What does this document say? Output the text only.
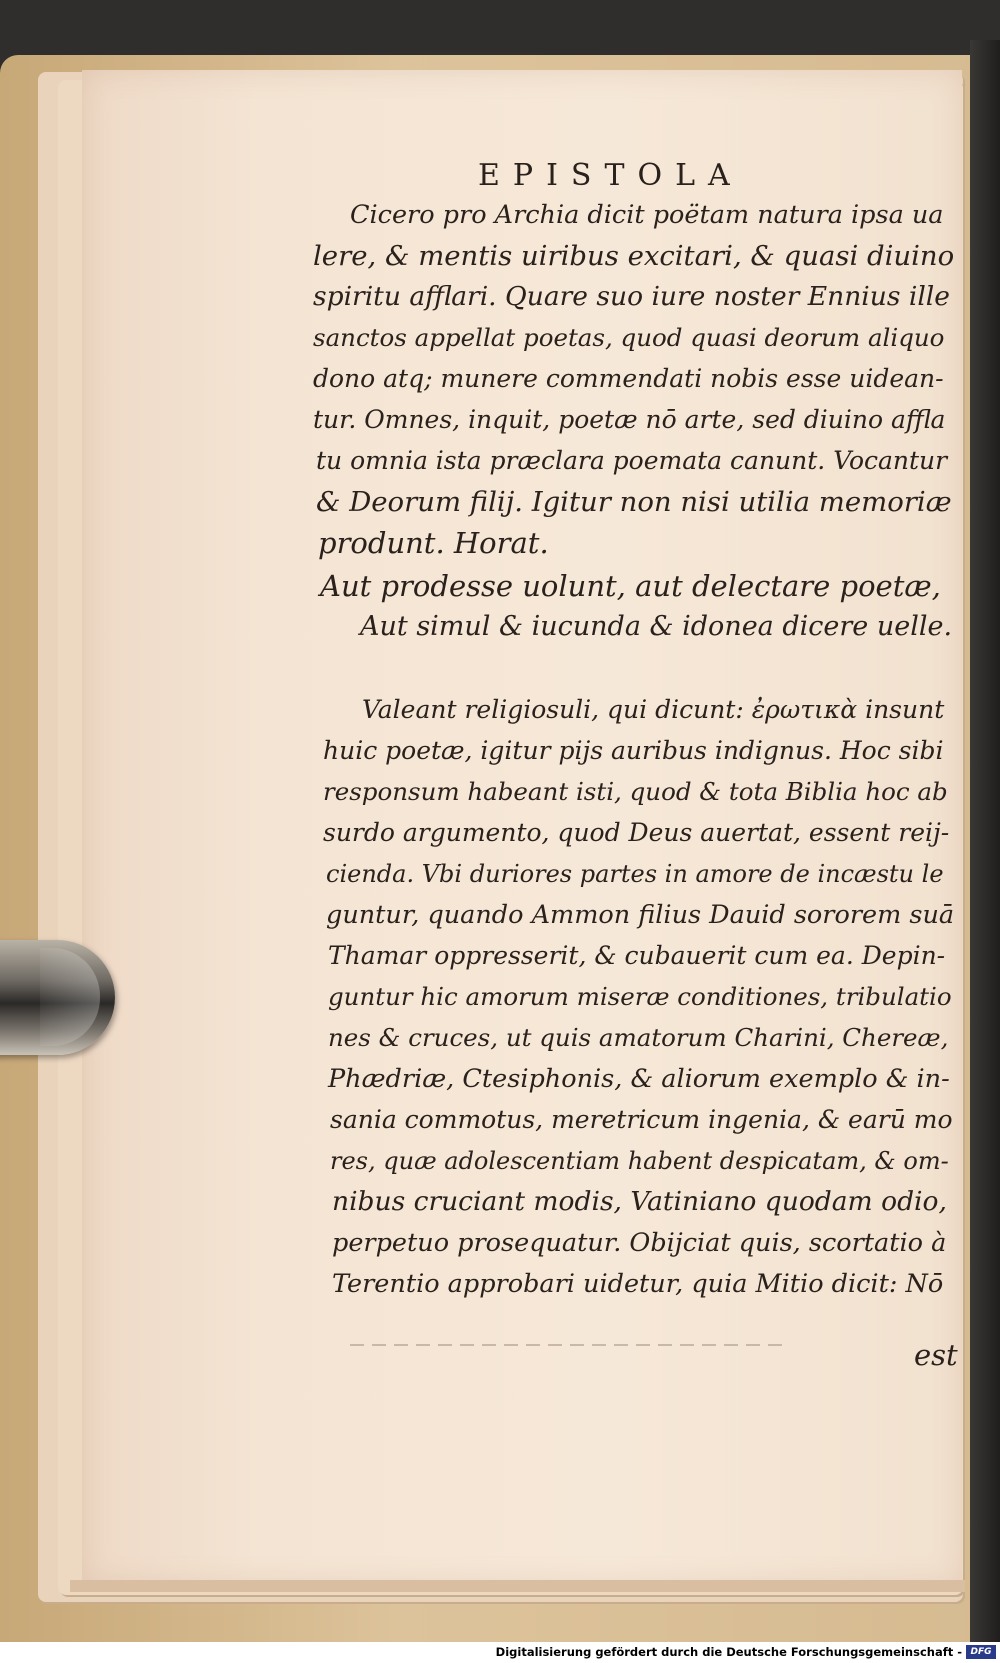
EPISTOLA
Cicero pro Archia dicit poëtam natura ipsa ua
lere, & mentis uiribus excitari, & quasi diuino
spiritu afflari. Quare suo iure noster Ennius ille
sanctos appellat poetas, quod quasi deorum aliquo
dono atq; munere commendati nobis esse uidean-
tur. Omnes, inquit, poetæ nō arte, sed diuino affla
tu omnia ista præclara poemata canunt. Vocantur
& Deorum filij. Igitur non nisi utilia memoriæ
produnt. Horat.
Aut prodesse uolunt, aut delectare poetæ,
Aut simul & iucunda & idonea dicere uelle.
Valeant religiosuli, qui dicunt: ἐρωτικὰ insunt
huic poetæ, igitur pijs auribus indignus. Hoc sibi
responsum habeant isti, quod & tota Biblia hoc ab
surdo argumento, quod Deus auertat, essent reij-
cienda. Vbi duriores partes in amore de incæstu le
guntur, quando Ammon filius Dauid sororem suā
Thamar oppresserit, & cubauerit cum ea. Depin-
guntur hic amorum miseræ conditiones, tribulatio
nes & cruces, ut quis amatorum Charini, Chereæ,
Phædriæ, Ctesiphonis, & aliorum exemplo & in-
sania commotus, meretricum ingenia, & earū mo
res, quæ adolescentiam habent despicatam, & om-
nibus cruciant modis, Vatiniano quodam odio,
perpetuo prosequatur. Obijciat quis, scortatio à
Terentio approbari uidetur, quia Mitio dicit: Nō
est
Digitalisierung gefördert durch die Deutsche Forschungsgemeinschaft - DFG
